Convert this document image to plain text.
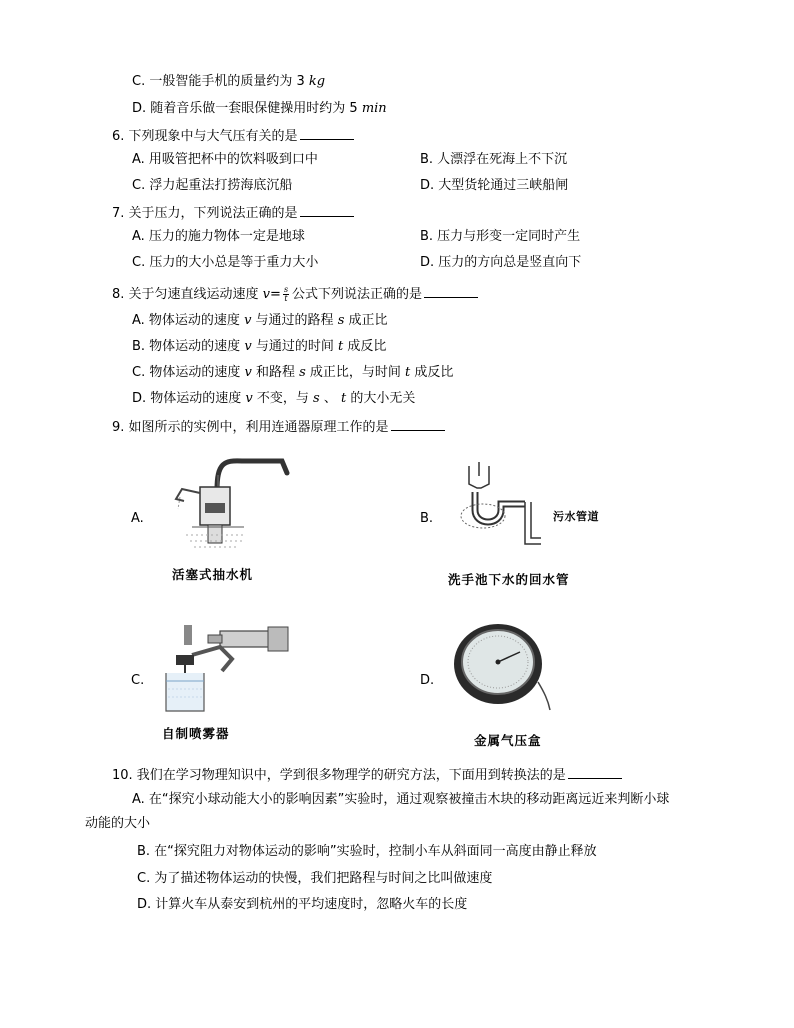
C. 一般智能手机的质量约为 3 kg
D. 随着音乐做一套眼保健操用时约为 5 min
6. 下列现象中与大气压有关的是
A. 用吸管把杯中的饮料吸到口中	B. 人漂浮在死海上不下沉
C. 浮力起重法打捞海底沉船	D. 大型货轮通过三峡船闸
7. 关于压力，下列说法正确的是
A. 压力的施力物体一定是地球	B. 压力与形变一定同时产生
C. 压力的大小总是等于重力大小	D. 压力的方向总是竖直向下
8. 关于匀速直线运动速度 $v= \frac{s}{t}$ 公式下列说法正确的是
A. 物体运动的速度 v 与通过的路程 s 成正比
B. 物体运动的速度 v 与通过的时间 t 成反比
C. 物体运动的速度 v 和路程 s 成正比，与时间 t 成反比
D. 物体运动的速度 v 不变，与 s 、 t 的大小无关
9. 如图所示的实例中，利用连通器原理工作的是
A.
活塞式抽水机
B.	污水管道
洗手池下水的回水管
C.
自制喷雾器
D.
金属气压盒
10. 我们在学习物理知识中，学到很多物理学的研究方法，下面用到转换法的是
A. 在“探究小球动能大小的影响因素”实验时，通过观察被撞击木块的移动距离远近来判断小球
动能的大小
B. 在“探究阻力对物体运动的影响”实验时，控制小车从斜面同一高度由静止释放
C. 为了描述物体运动的快慢，我们把路程与时间之比叫做速度
D. 计算火车从泰安到杭州的平均速度时，忽略火车的长度
